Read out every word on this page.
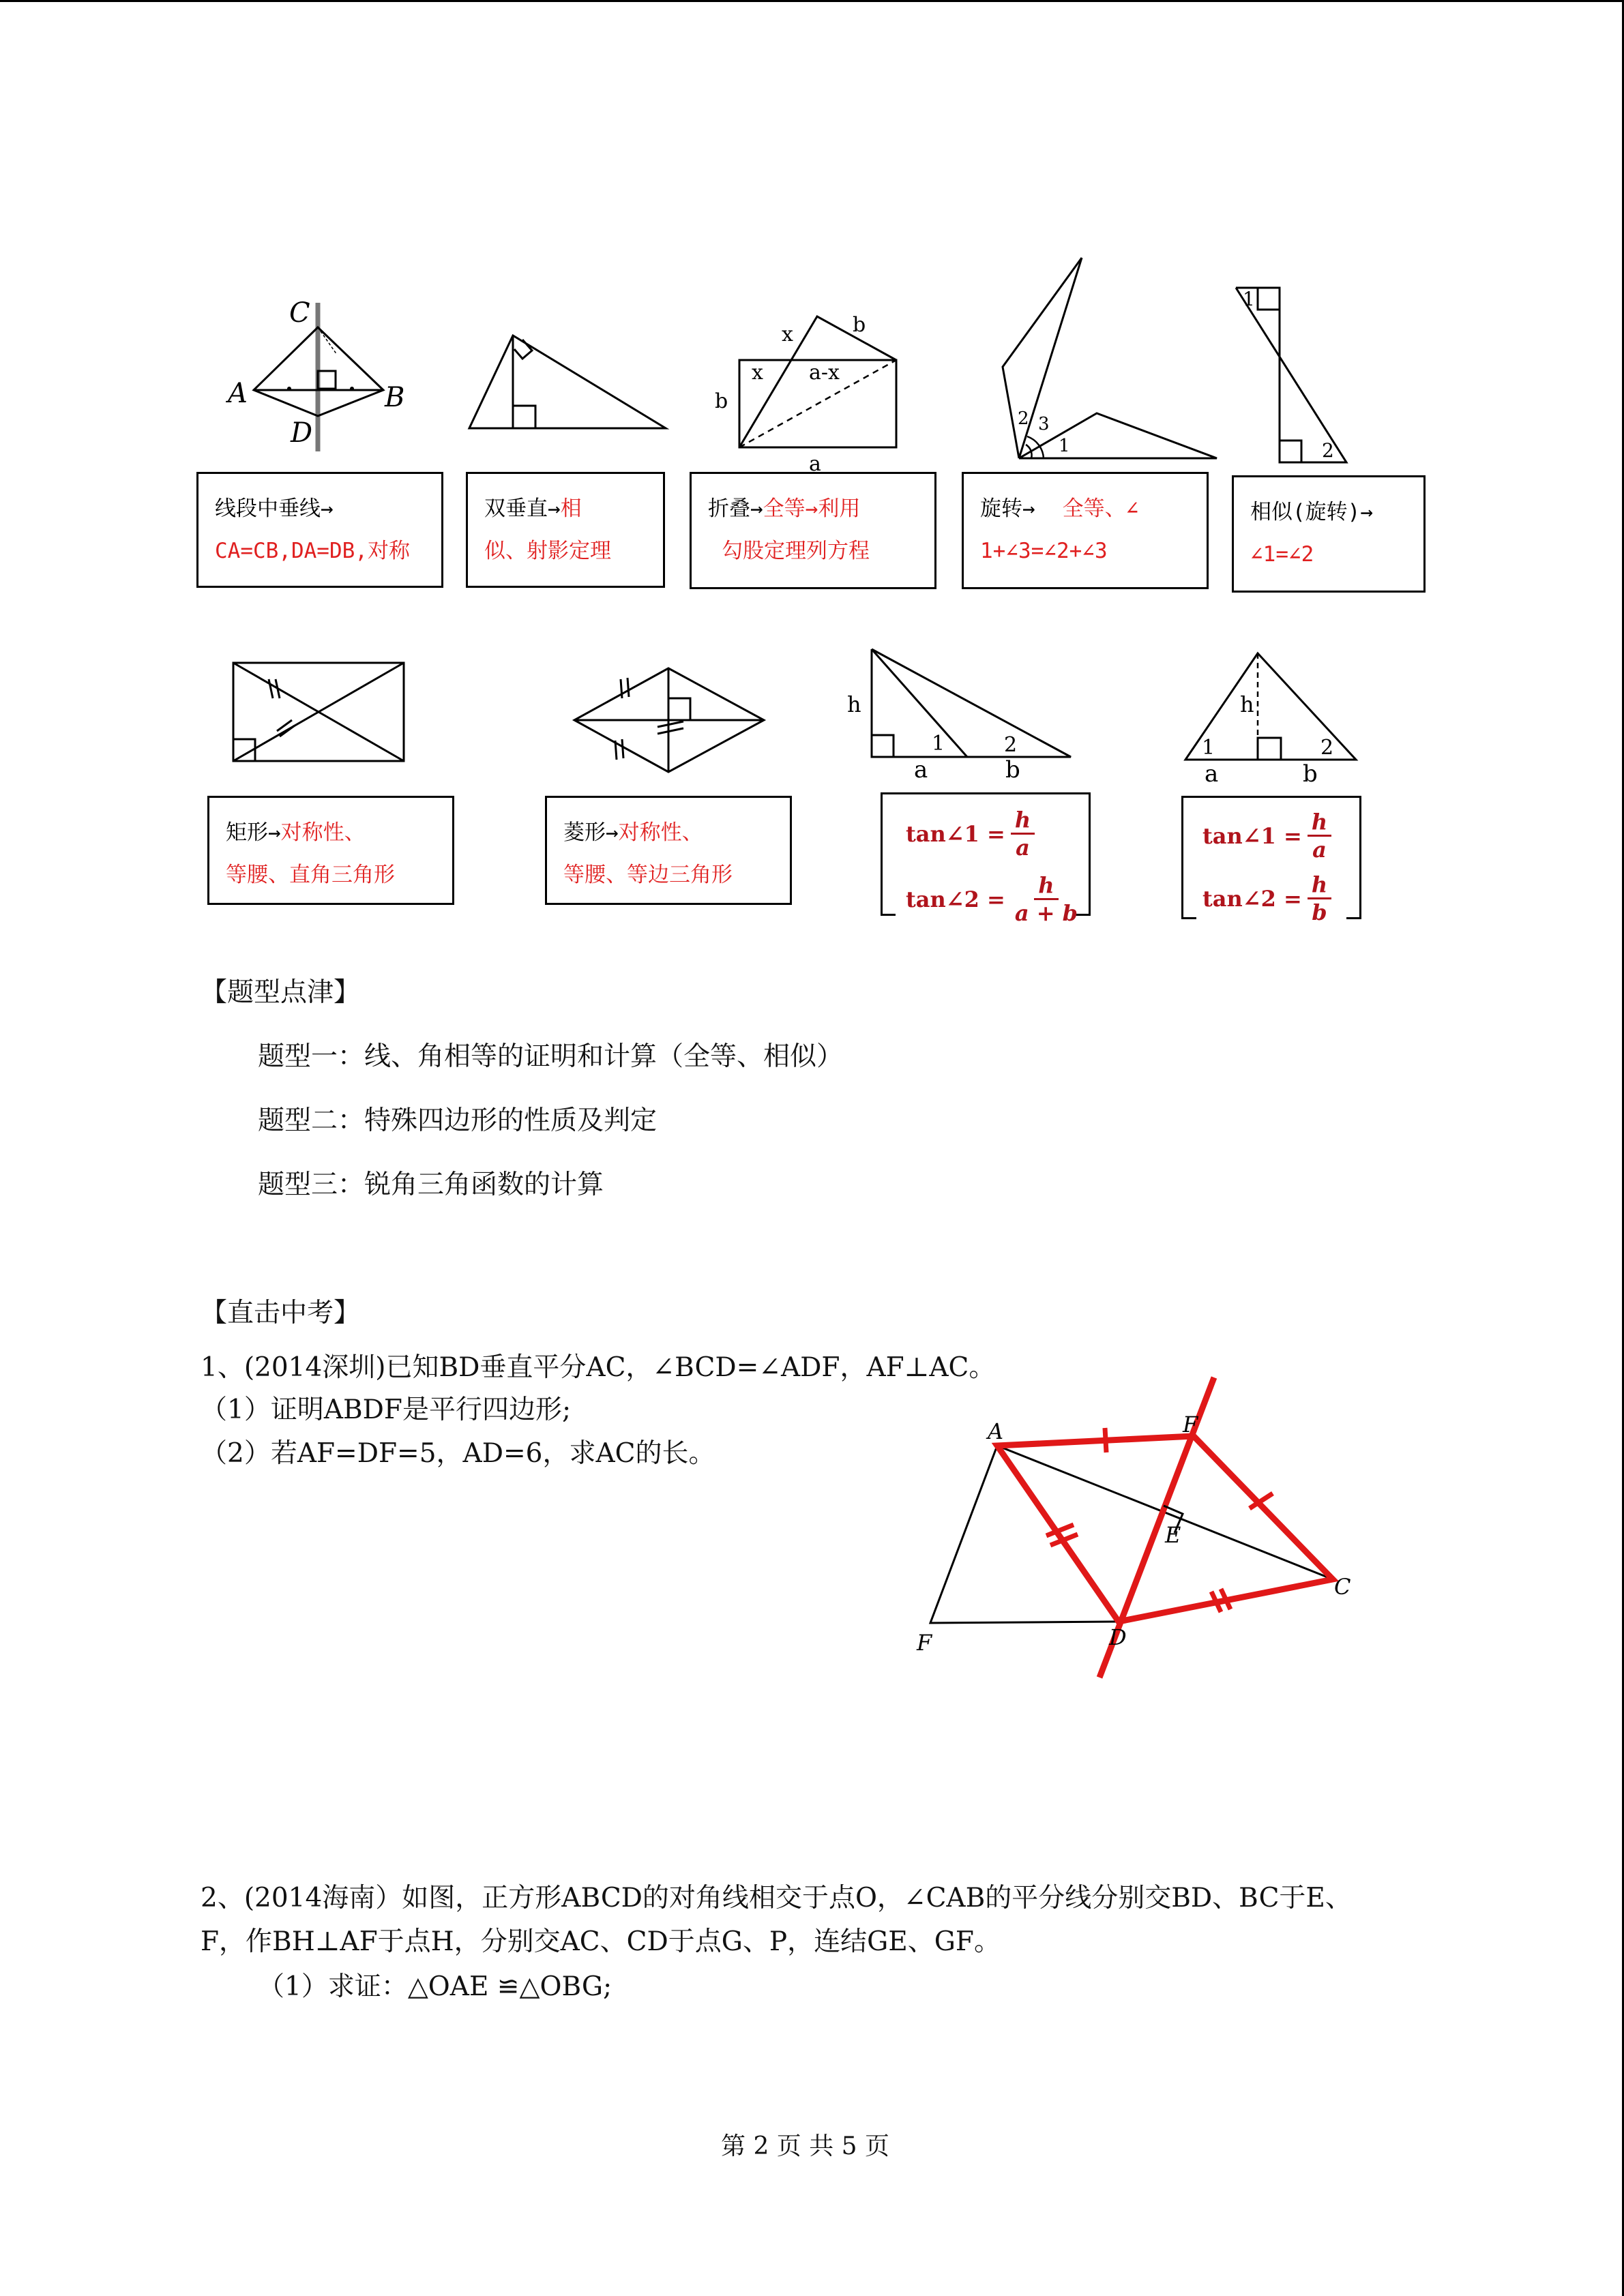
C
A	B
D
x	b
x a-x
b
a
2 3
1
1
2
线段中垂线→
CA=CB,DA=DB,对称
双垂直→相
似、射影定理
折叠→全等→利用
勾股定理列方程
旋转→ 全等、∠
1+∠3=∠2+∠3
相似(旋转)→
∠1=∠2
h
1	2
a	b
h
1	2
a	b
矩形→对称性、
等腰、直角三角形
菱形→对称性、
等腰、等边三角形
tan∠1 = $\frac{h}{a}$
tan∠2 = $\frac{h}{a + b}$
tan∠1 = $\frac{h}{a}$
tan∠2 = $\frac{h}{b}$
【题型点津】
题型一：线、角相等的证明和计算（全等、相似）
题型二：特殊四边形的性质及判定
题型三：锐角三角函数的计算
【直击中考】
1、(2014深圳)已知BD垂直平分AC，∠BCD=∠ADF，AF⊥AC。
（1）证明ABDF是平行四边形;
（2）若AF=DF=5，AD=6，求AC的长。
A	F
E
C
D
F
2、(2014海南）如图，正方形ABCD的对角线相交于点O，∠CAB的平分线分别交BD、BC于E、
F，作BH⊥AF于点H，分别交AC、CD于点G、P，连结GE、GF。
（1）求证：△OAE ≌△OBG;
第 2 页 共 5 页
